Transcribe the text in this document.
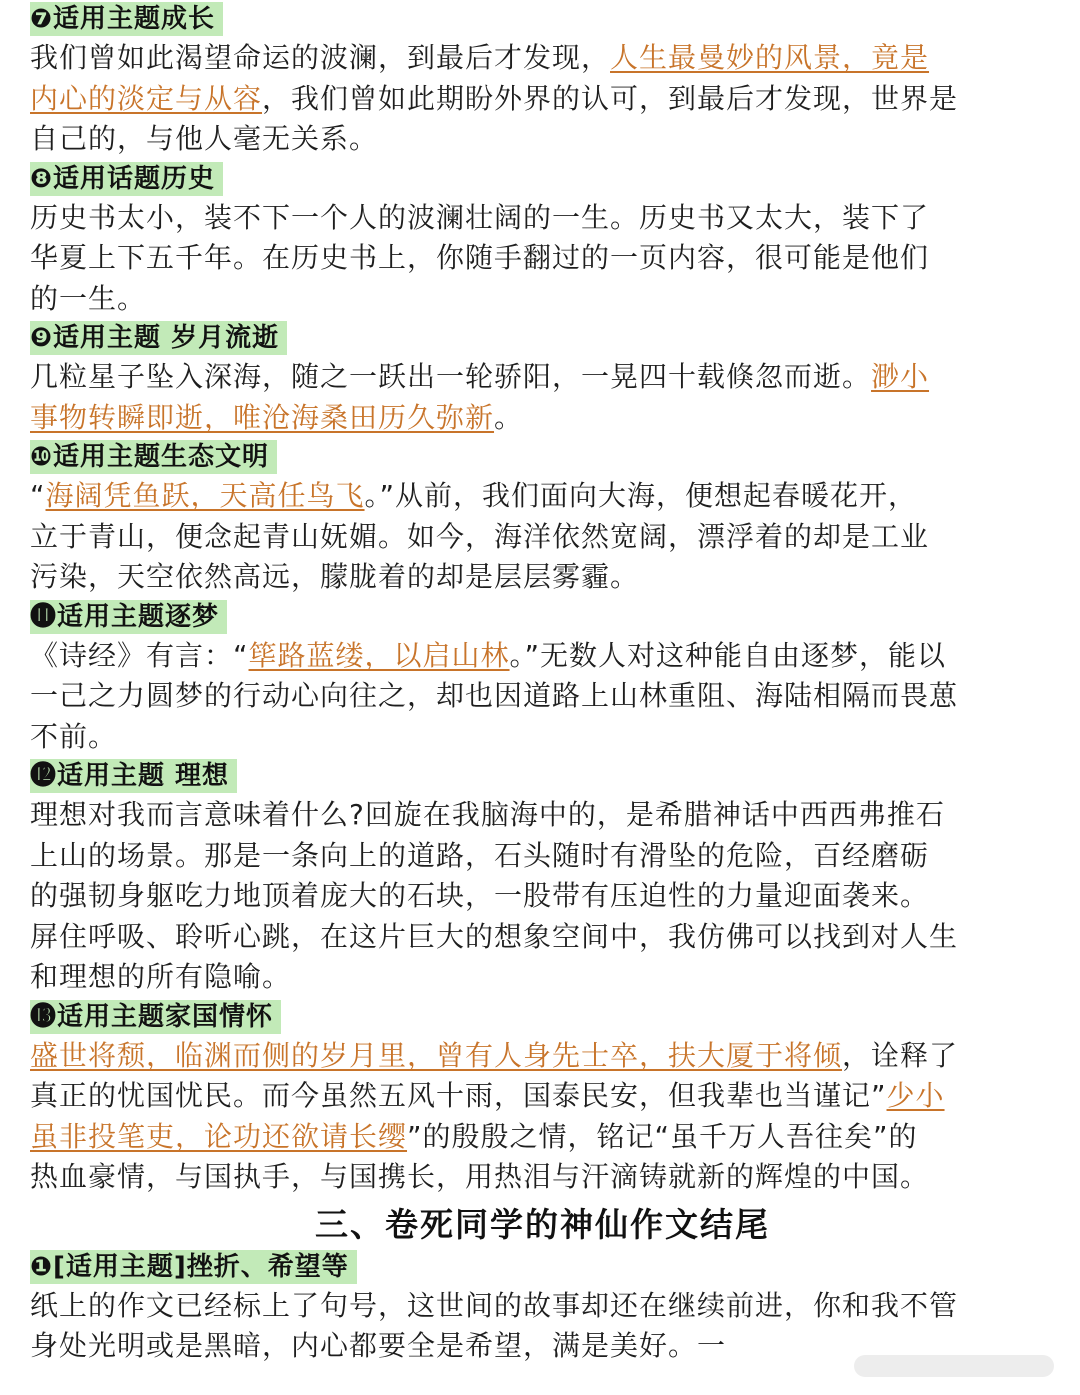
❼适用主题成长
我们曾如此渴望命运的波澜，到最后才发现，人生最曼妙的风景，竟是
内心的淡定与从容，我们曾如此期盼外界的认可，到最后才发现，世界是
自己的，与他人毫无关系。
❽适用话题历史
历史书太小，装不下一个人的波澜壮阔的一生。历史书又太大，装下了
华夏上下五千年。在历史书上，你随手翻过的一页内容，很可能是他们
的一生。
❾适用主题 岁月流逝
几粒星子坠入深海，随之一跃出一轮骄阳，一晃四十载倏忽而逝。渺小
事物转瞬即逝，唯沧海桑田历久弥新。
❿适用主题生态文明
“海阔凭鱼跃，天高任鸟飞。”从前，我们面向大海，便想起春暖花开，
立于青山，便念起青山妩媚。如今，海洋依然宽阔，漂浮着的却是工业
污染，天空依然高远，朦胧着的却是层层雾霾。
⓫适用主题逐梦
《诗经》有言：“筚路蓝缕，以启山林。”无数人对这种能自由逐梦，能以
一己之力圆梦的行动心向往之，却也因道路上山林重阻、海陆相隔而畏葸
不前。
⓬适用主题 理想
理想对我而言意味着什么?回旋在我脑海中的，是希腊神话中西西弗推石
上山的场景。那是一条向上的道路，石头随时有滑坠的危险，百经磨砺
的强韧身躯吃力地顶着庞大的石块，一股带有压迫性的力量迎面袭来。
屏住呼吸、聆听心跳，在这片巨大的想象空间中，我仿佛可以找到对人生
和理想的所有隐喻。
⓭适用主题家国情怀
盛世将颓，临渊而侧的岁月里，曾有人身先士卒，扶大厦于将倾，诠释了
真正的忧国忧民。而今虽然五风十雨，国泰民安，但我辈也当谨记”少小
虽非投笔吏，论功还欲请长缨”的殷殷之情，铭记“虽千万人吾往矣”的
热血豪情，与国执手，与国携长，用热泪与汗滴铸就新的辉煌的中国。
三、卷死同学的神仙作文结尾
❶[适用主题]挫折、希望等
纸上的作文已经标上了句号，这世间的故事却还在继续前进，你和我不管
身处光明或是黑暗，内心都要全是希望，满是美好。一
